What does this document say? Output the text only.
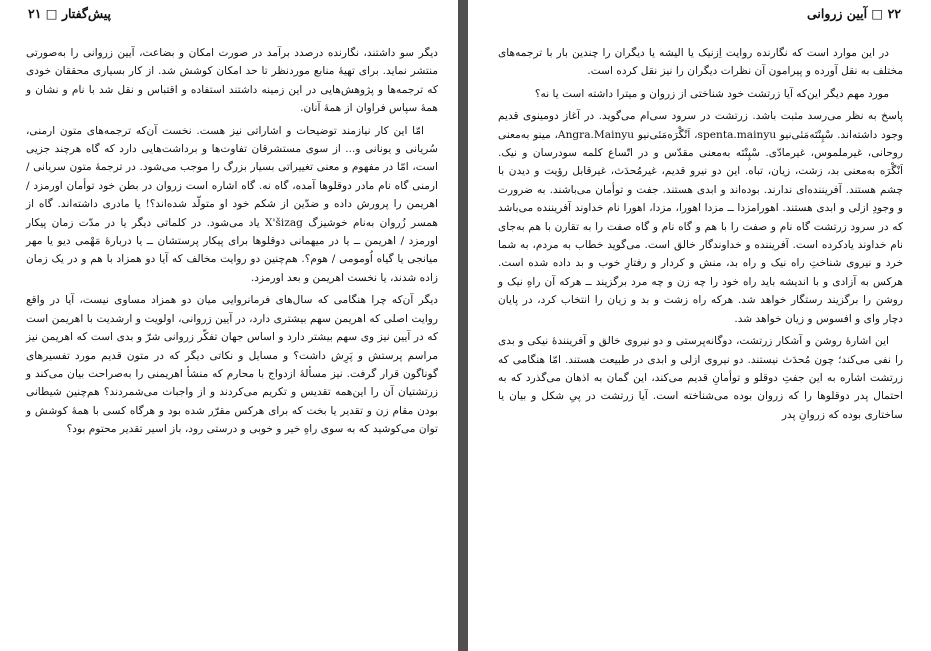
پیش‌گفتار □ ۲۱

دیگر سو داشتند، نگارنده درصدد برآمد در صورت امکان و بضاعت، آیین زروانی را به‌صورتی منتشر نماید. برای تهیهٔ منابع موردنظر تا حد امکان کوشش شد. از کار بسیاری محققان خودی که ترجمه‌ها و پژوهش‌هایی در این زمینه داشتند استفاده و اقتباس و نقل شد با نام و نشان و همهٔ سپاس فراوان از همهٔ آنان.

امّا این کار نیازمند توضیحات و اشاراتی نیز هست. نخست آن‌که ترجمه‌های متون ارمنی، سُریانی و یونانی و... از سوی مستشرقان تفاوت‌ها و برداشت‌هایی دارد که گاه هرچند جزیی است، امّا در مفهوم و معنی تغییراتی بسیار بزرگ را موجب می‌شود. در ترجمهٔ متون سریانی / ارمنی گاه نام مادر دوقلوها آمده، گاه نه. گاه اشاره است زروان در بطن خود توأمان اورمزد / اهریمن را پرورش داده و ضدّین از شکم خود او متولّد شده‌اند؟! یا مادری داشته‌اند. گاه از همسر زُروان به‌نام خوشیزگ X'šizag یاد می‌شود. در کلماتی دیگر یا در مدّت زمان پیکار اورمزد / اهریمن ــ یا در میهمانی دوقلوها برای پیکار پرستشان ــ یا دربارهٔ مَهْمی دیو یا مهر میانجی یا گیاه اُومومی / هوم؟. هم‌چنین دو روایت مخالف که آیا دو همزاد با هم و در یک زمان زاده شدند، یا نخست اهریمن و بعد اورمزد.

دیگر آن‌که چرا هنگامی که سال‌های فرمانروایی میان دو همزاد مساوی نیست، آیا در واقع روایت اصلی که اهریمن سهم بیشتری دارد، در آیین زروانی، اولویت و ارشدیت با اهریمن است که در آیین نیز وی سهم بیشتر دارد و اساس جهان تفکّر زروانی شرّ و بدی است که اهریمن نیز مراسم پرستش و پَرِش داشت؟ و مسایل و نکاتی دیگر که در متون قدیم مورد تفسیرهای گوناگون قرار گرفت. نیز مسألهٔ ازدواج با محارم که منشأ اهریمنی را به‌صراحت بیان می‌کند و زرتشتیان آن را این‌همه تقدیس و تکریم می‌کردند و از واجبات می‌شمردند؟ هم‌چنین شیطانی بودن مقام زن و تقدیر یا بخت که برای هرکس مقرّر شده بود و هرگاه کسی با همهٔ کوشش و توان می‌کوشید که به سوی راهِ خیر و خوبی و درستی رود، باز اسیر تقدیر محتوم بود؟

۲۲ □ آیین زروانی

در این موارد است که نگارنده روایت اِزنیک یا الیشه یا دیگران را چندین بار با ترجمه‌های مختلف به نقل آورده و پیرامون آن نظرات دیگران را نیز نقل کرده است.

مورد مهم دیگر این‌که آیا زرتشت خود شناختی از زروان و میترا داشته است یا نه؟

پاسخ به نظر می‌رسد مثبت باشد. زرتشت در سرود سی‌ام می‌گوید. در آغاز دومینوی قدیم وجود داشته‌اند. سْپِنْتَه‌مَئی‌نیو spenta.mainyu، اَنْگْرَه‌مَئی‌نیو Angra.Mainyu، مینو به‌معنی روحانی، غیرملموس، غیرمادّی. سْپِنْتَه به‌معنی مقدّس و در اتّساع کلمه سودرسان و نیک. اَنْگْرَه به‌معنی بد، زشت، زیان، تباه. این دو نیرو قدیم، غیرمُحدَث، غیرقابل رؤیت و دیدن با چشم هستند. آفریننده‌ای ندارند. بوده‌اند و ابدی هستند. جفت و توأمان می‌باشند. به ضرورت و وجودِ ازلی و ابدی هستند. اهورامزدا ــ مزدا اهورا، مزدا، اهورا نام خداوند آفریننده می‌باشد که در سرود زرتشت گاه نام و صفت را با هم و گاه نام و گاه صفت را به تقارن با هم به‌جای نام خداوند یادکرده است. آفریننده و خداوندگار خالق است. می‌گوید خطاب به مردم، به شما خرد و نیروی شناختِ راه نیک و راه بد، منش و کردار و رفتارِ خوب و بد داده شده است. هرکس به آزادی و با اندیشه باید راه خود را چه زن و چه مرد برگزیند ــ هرکه آن راهِ نیک و روشن را برگزیند رستگار خواهد شد. هرکه راه زشت و بد و زیان را انتخاب کرد، در پایان دچار وای و افسوس و زیان خواهد شد.

این اشارهٔ روشن و آشکار زرتشت، دوگانه‌پرستی و دو نیروی خالق و آفرینندهٔ نیکی و بدی را نفی می‌کند؛ چون مُحدَث نیستند. دو نیروی ازلی و ابدی در طبیعت هستند. امّا هنگامی که زرتشت اشاره به این جفتِ دوقلو و توأمانِ قدیم می‌کند، این گمان به اذهان می‌گذرد که به احتمال پدر دوقلوها را که زروان بوده می‌شناخته است. آیا زرتشت در پیِ شکل و بیان یا ساختاری بوده که زروانِ پدر
